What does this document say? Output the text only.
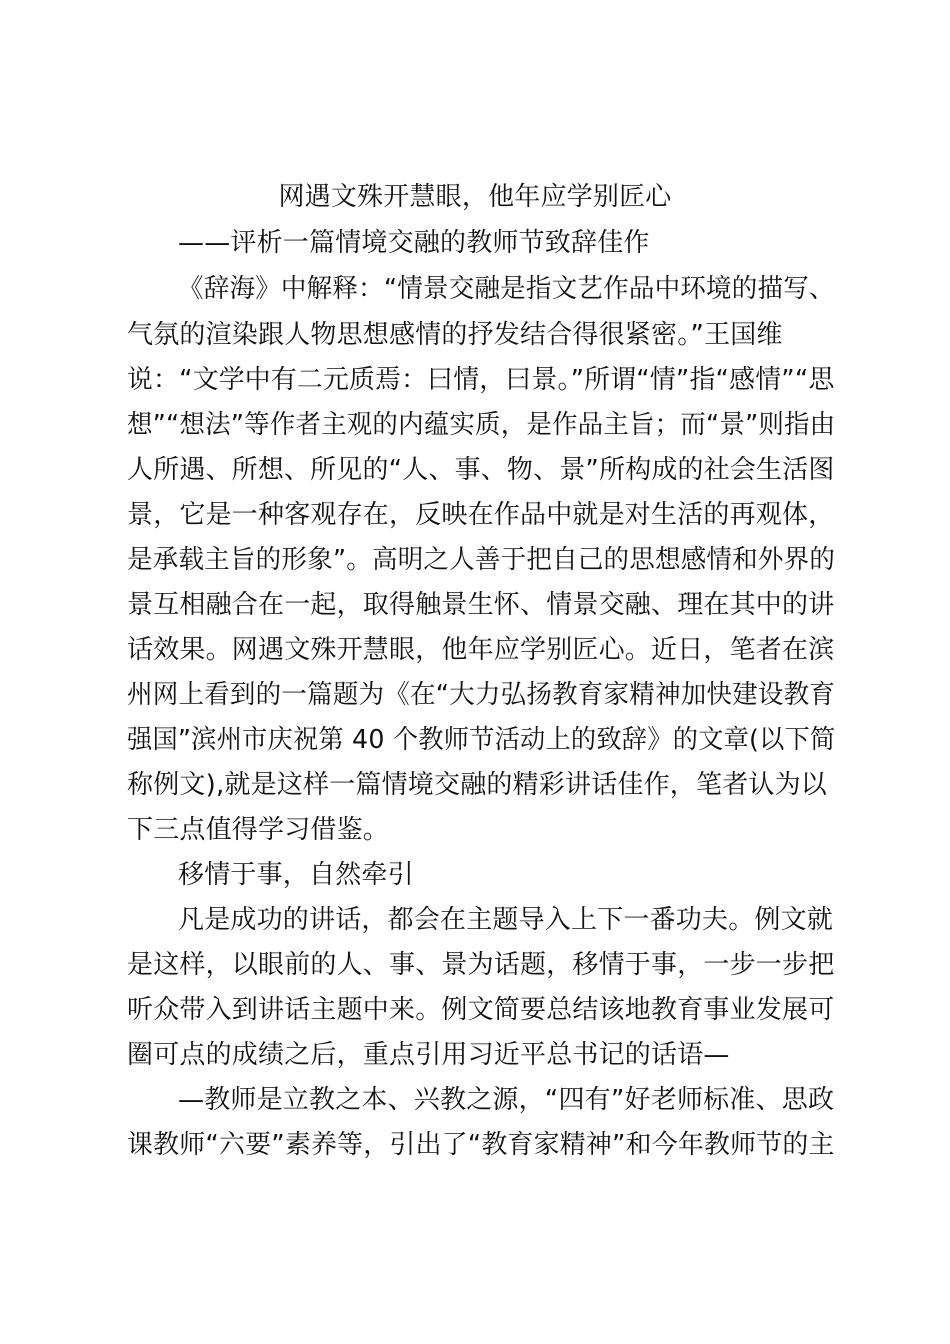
网遇文殊开慧眼，他年应学别匠心
——评析一篇情境交融的教师节致辞佳作
《辞海》中解释：“情景交融是指文艺作品中环境的描写、
气氛的渲染跟人物思想感情的抒发结合得很紧密。”王国维
说：“文学中有二元质焉：曰情，曰景。”所谓“情”指“感情”“思
想”“想法”等作者主观的内蕴实质，是作品主旨；而“景”则指由
人所遇、所想、所见的“人、事、物、景”所构成的社会生活图
景，它是一种客观存在，反映在作品中就是对生活的再观体，
是承载主旨的形象”。高明之人善于把自己的思想感情和外界的
景互相融合在一起，取得触景生怀、情景交融、理在其中的讲
话效果。网遇文殊开慧眼，他年应学别匠心。近日，笔者在滨
州网上看到的一篇题为《在“大力弘扬教育家精神加快建设教育
强国”滨州市庆祝第 40 个教师节活动上的致辞》的文章(以下简
称例文),就是这样一篇情境交融的精彩讲话佳作，笔者认为以
下三点值得学习借鉴。
移情于事，自然牵引
凡是成功的讲话，都会在主题导入上下一番功夫。例文就
是这样，以眼前的人、事、景为话题，移情于事，一步一步把
听众带入到讲话主题中来。例文简要总结该地教育事业发展可
圈可点的成绩之后，重点引用习近平总书记的话语—
—教师是立教之本、兴教之源，“四有”好老师标准、思政
课教师“六要”素养等，引出了“教育家精神”和今年教师节的主
